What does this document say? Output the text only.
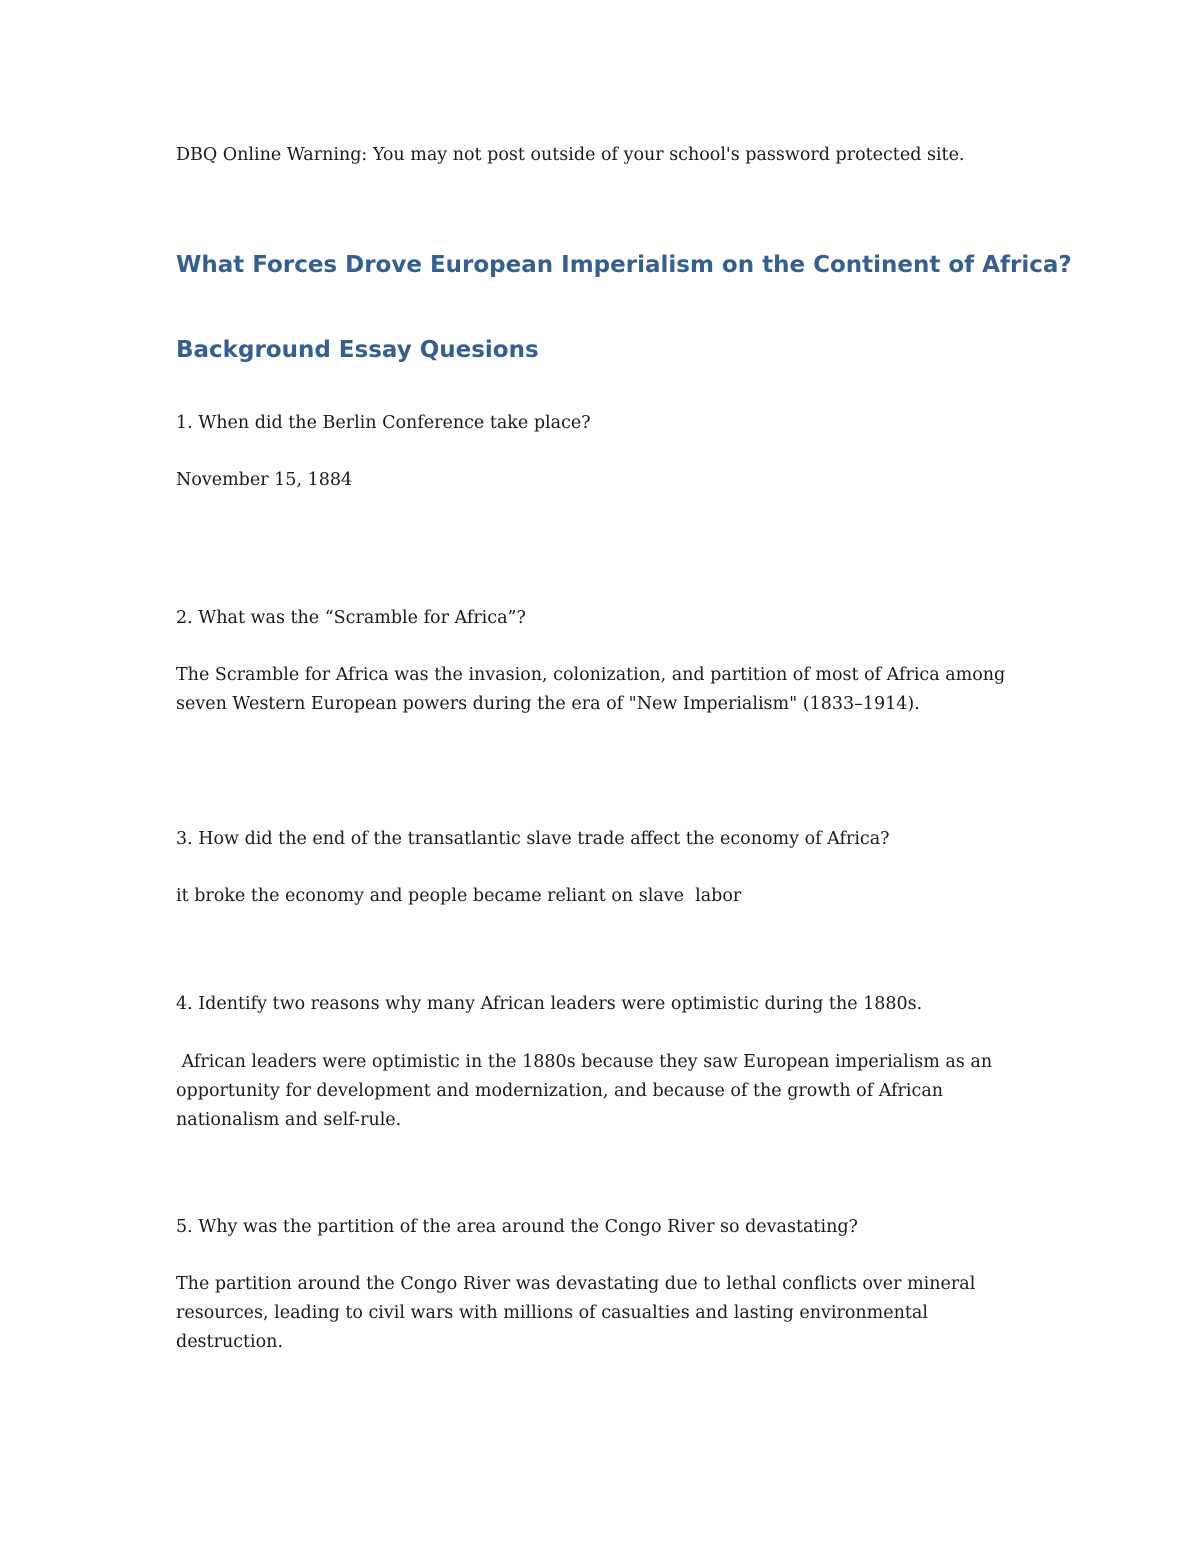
DBQ Online Warning: You may not post outside of your school's password protected site.
What Forces Drove European Imperialism on the Continent of Africa?
Background Essay Quesions
1. When did the Berlin Conference take place?
November 15, 1884
2. What was the “Scramble for Africa”?
The Scramble for Africa was the invasion, colonization, and partition of most of Africa among seven Western European powers during the era of "New Imperialism" (1833–1914).
3. How did the end of the transatlantic slave trade affect the economy of Africa?
it broke the economy and people became reliant on slave  labor
4. Identify two reasons why many African leaders were optimistic during the 1880s.
African leaders were optimistic in the 1880s because they saw European imperialism as an opportunity for development and modernization, and because of the growth of African nationalism and self-rule.
5. Why was the partition of the area around the Congo River so devastating?
The partition around the Congo River was devastating due to lethal conflicts over mineral resources, leading to civil wars with millions of casualties and lasting environmental destruction.
